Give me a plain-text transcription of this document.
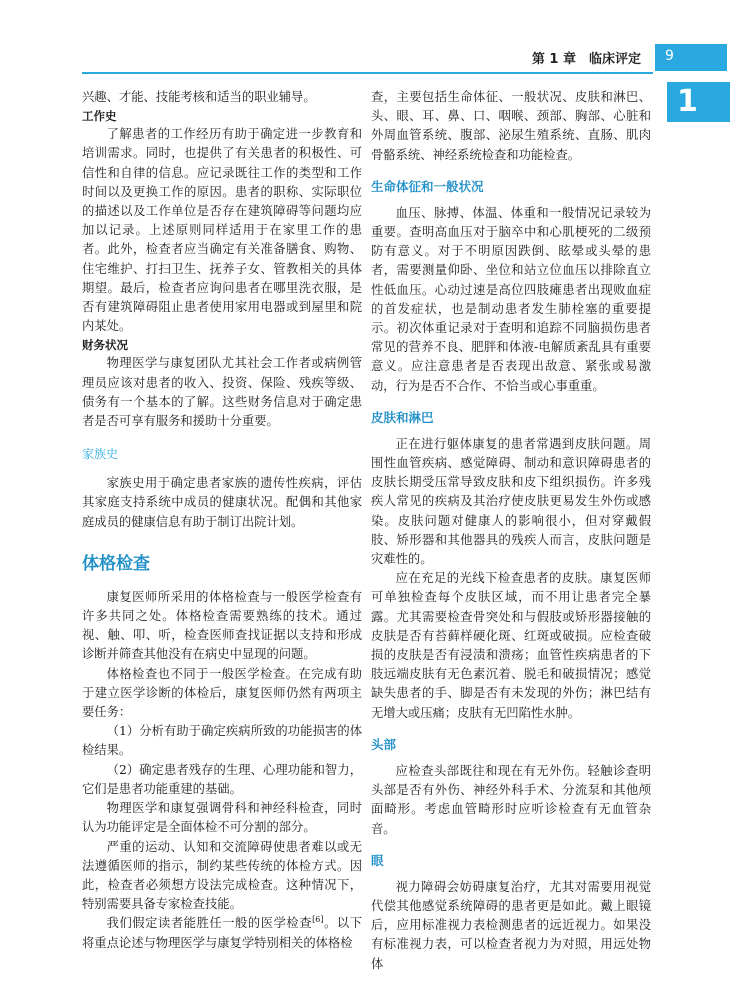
第 1 章　临床评定 9
1

兴趣、才能、技能考核和适当的职业辅导。

工作史

了解患者的工作经历有助于确定进一步教育和培训需求。同时，也提供了有关患者的积极性、可信性和自律的信息。应记录既往工作的类型和工作时间以及更换工作的原因。患者的职称、实际职位的描述以及工作单位是否存在建筑障碍等问题均应加以记录。上述原则同样适用于在家里工作的患者。此外，检查者应当确定有关准备膳食、购物、住宅维护、打扫卫生、抚养子女、管教相关的具体期望。最后，检查者应询问患者在哪里洗衣服，是否有建筑障碍阻止患者使用家用电器或到屋里和院内某处。

财务状况

物理医学与康复团队尤其社会工作者或病例管理员应该对患者的收入、投资、保险、残疾等级、债务有一个基本的了解。这些财务信息对于确定患者是否可享有服务和援助十分重要。

家族史

家族史用于确定患者家族的遗传性疾病，评估其家庭支持系统中成员的健康状况。配偶和其他家庭成员的健康信息有助于制订出院计划。

体格检查

康复医师所采用的体格检查与一般医学检查有许多共同之处。体格检查需要熟练的技术。通过视、触、叩、听，检查医师查找证据以支持和形成诊断并筛查其他没有在病史中显现的问题。

体格检查也不同于一般医学检查。在完成有助于建立医学诊断的体检后，康复医师仍然有两项主要任务：

（1）分析有助于确定疾病所致的功能损害的体检结果。

（2）确定患者残存的生理、心理功能和智力，它们是患者功能重建的基础。

物理医学和康复强调骨科和神经科检查，同时认为功能评定是全面体检不可分割的部分。

严重的运动、认知和交流障碍使患者难以或无法遵循医师的指示，制约某些传统的体检方式。因此，检查者必须想方设法完成检查。这种情况下，特别需要具备专家检查技能。

我们假定读者能胜任一般的医学检查[6]。以下将重点论述与物理医学与康复学特别相关的体格检

查，主要包括生命体征、一般状况、皮肤和淋巴、头、眼、耳、鼻、口、咽喉、颈部、胸部、心脏和外周血管系统、腹部、泌尿生殖系统、直肠、肌肉骨骼系统、神经系统检查和功能检查。

生命体征和一般状况

血压、脉搏、体温、体重和一般情况记录较为重要。查明高血压对于脑卒中和心肌梗死的二级预防有意义。对于不明原因跌倒、眩晕或头晕的患者，需要测量仰卧、坐位和站立位血压以排除直立性低血压。心动过速是高位四肢瘫患者出现败血症的首发症状，也是制动患者发生肺栓塞的重要提示。初次体重记录对于查明和追踪不同脑损伤患者常见的营养不良、肥胖和体液-电解质紊乱具有重要意义。应注意患者是否表现出敌意、紧张或易激动，行为是否不合作、不恰当或心事重重。

皮肤和淋巴

正在进行躯体康复的患者常遇到皮肤问题。周围性血管疾病、感觉障碍、制动和意识障碍患者的皮肤长期受压常导致皮肤和皮下组织损伤。许多残疾人常见的疾病及其治疗使皮肤更易发生外伤或感染。皮肤问题对健康人的影响很小，但对穿戴假肢、矫形器和其他器具的残疾人而言，皮肤问题是灾难性的。

应在充足的光线下检查患者的皮肤。康复医师可单独检查每个皮肤区域，而不用让患者完全暴露。尤其需要检查骨突处和与假肢或矫形器接触的皮肤是否有苔藓样硬化斑、红斑或破损。应检查破损的皮肤是否有浸渍和溃疡；血管性疾病患者的下肢远端皮肤有无色素沉着、脱毛和破损情况；感觉缺失患者的手、脚是否有未发现的外伤；淋巴结有无增大或压痛；皮肤有无凹陷性水肿。

头部

应检查头部既往和现在有无外伤。轻触诊查明头部是否有外伤、神经外科手术、分流泵和其他颅面畸形。考虑血管畸形时应听诊检查有无血管杂音。

眼

视力障碍会妨碍康复治疗，尤其对需要用视觉代偿其他感觉系统障碍的患者更是如此。戴上眼镜后，应用标准视力表检测患者的远近视力。如果没有标准视力表，可以检查者视力为对照，用远处物体
